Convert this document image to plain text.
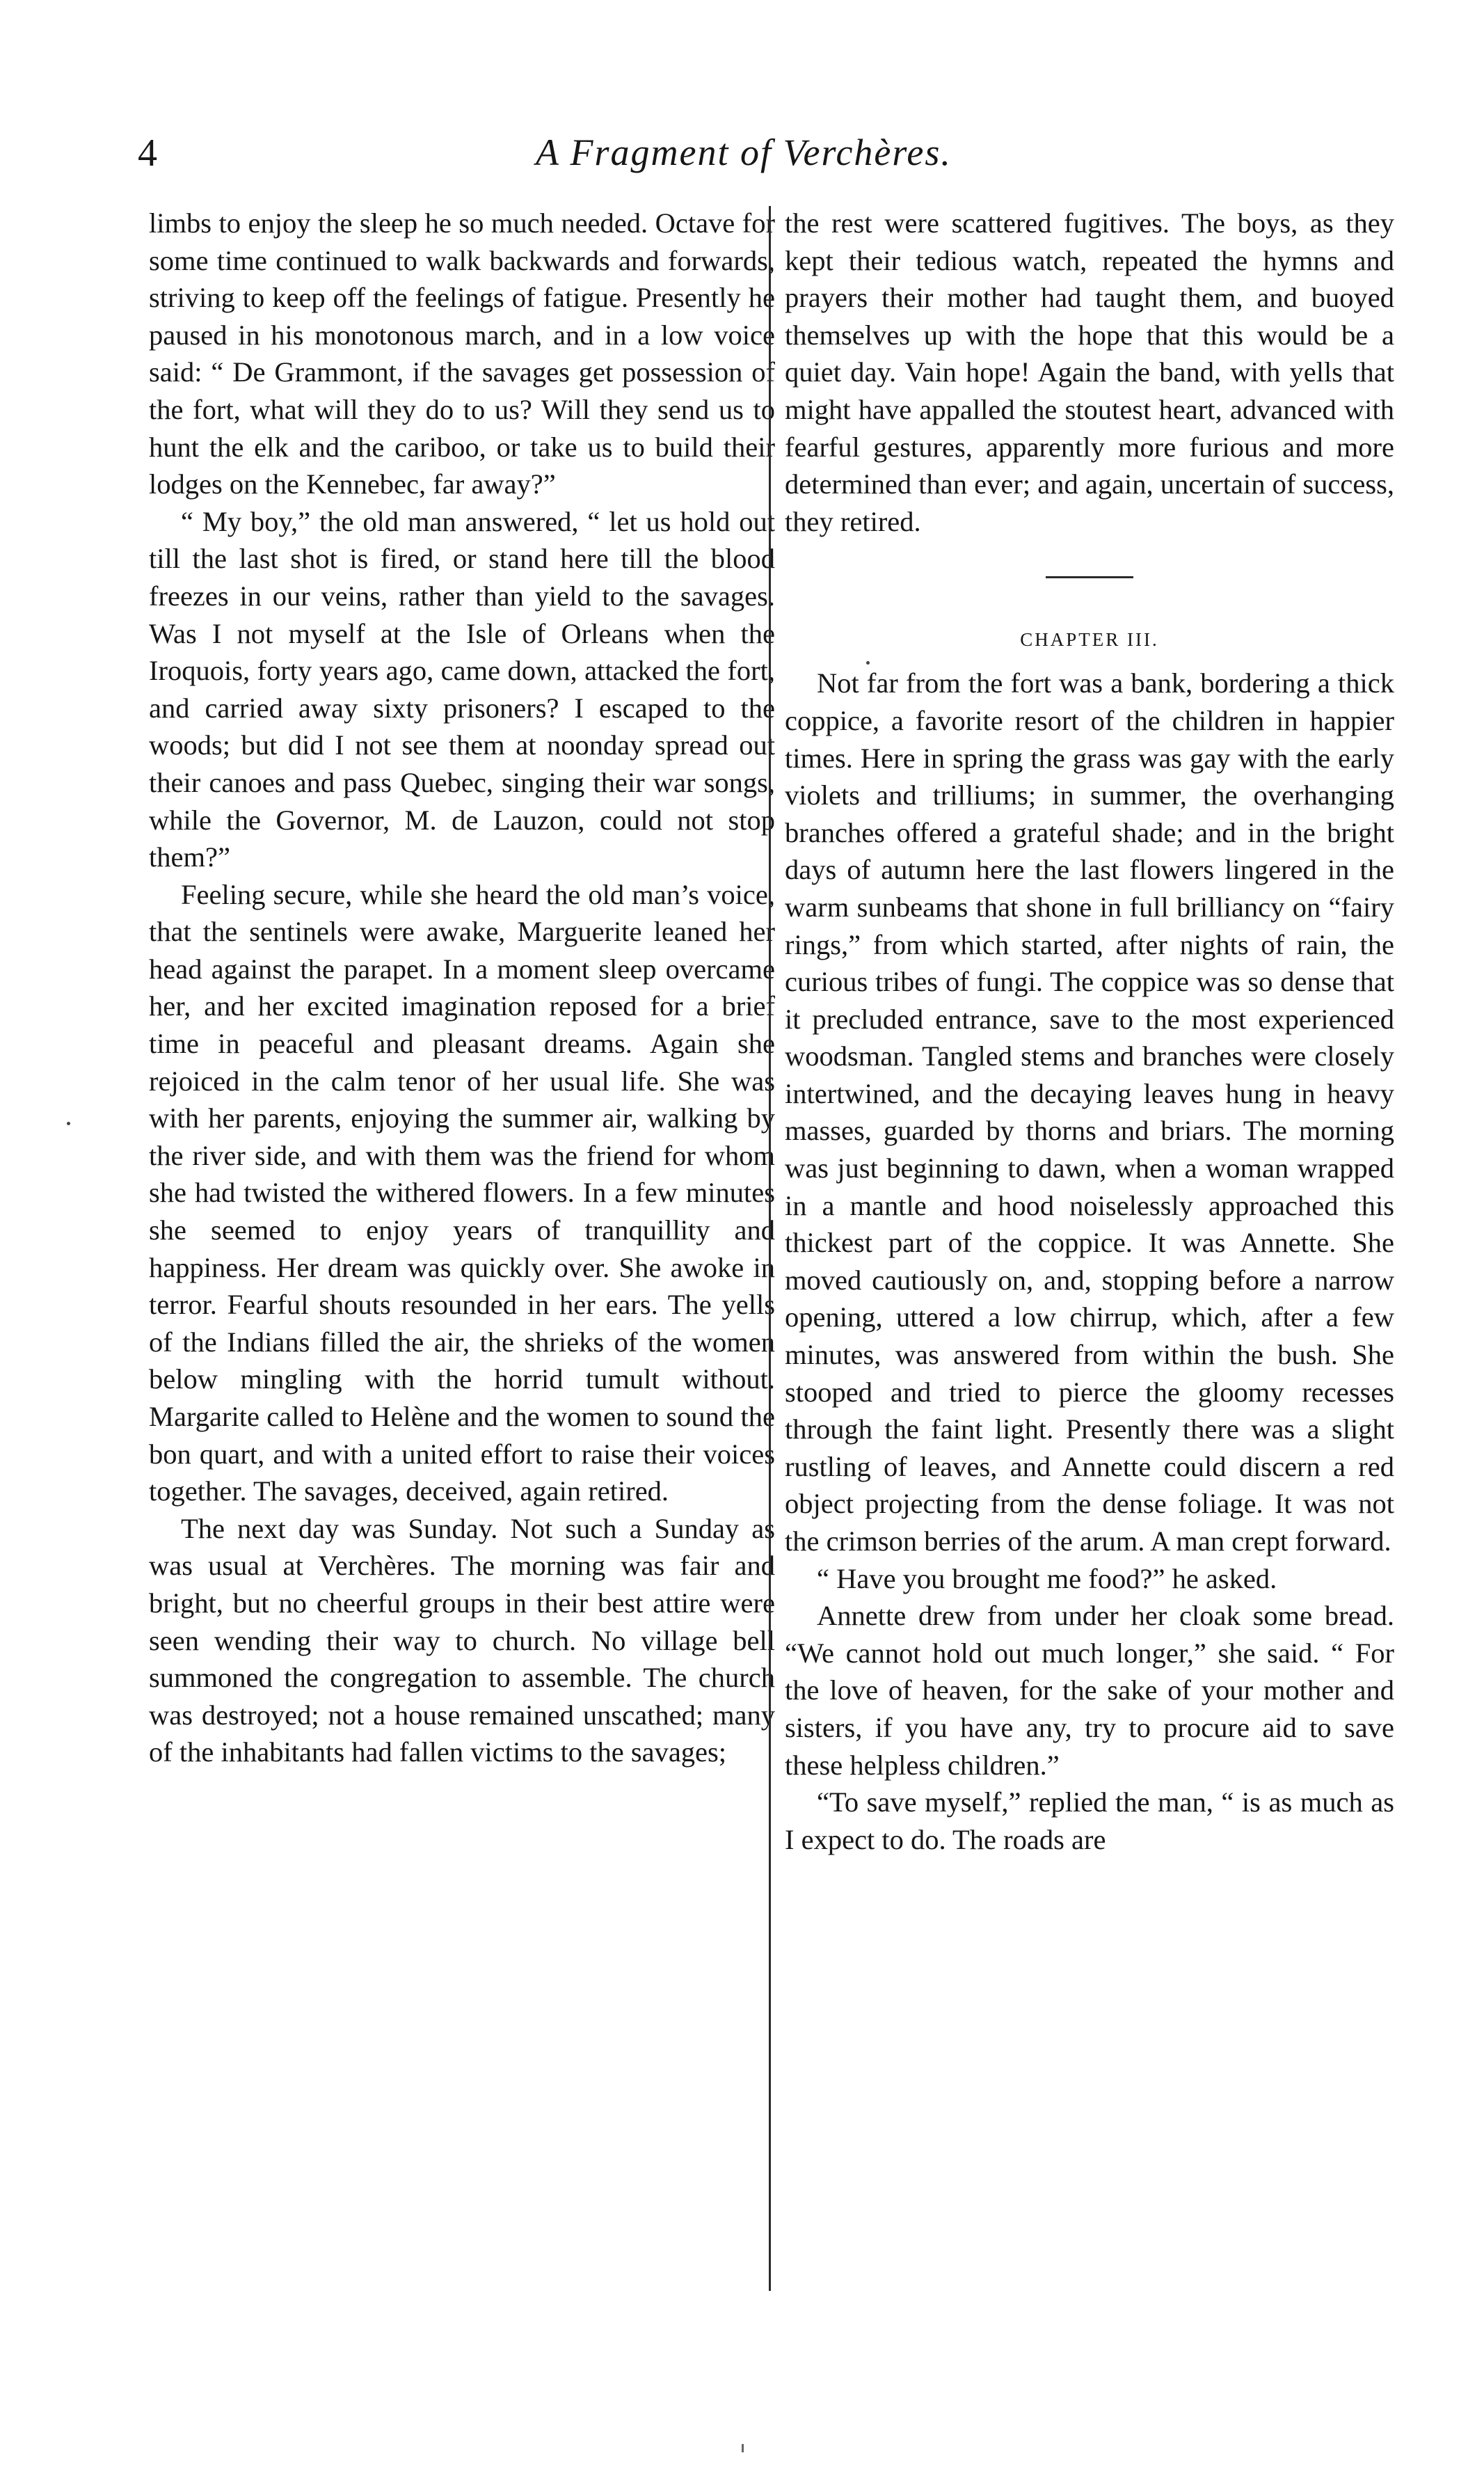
4	A Fragment of Verchères.

limbs to enjoy the sleep he so much needed. Octave for some time continued to walk backwards and forwards, striving to keep off the feelings of fatigue. Presently he paused in his monotonous march, and in a low voice said: “ De Grammont, if the savages get possession of the fort, what will they do to us? Will they send us to hunt the elk and the cariboo, or take us to build their lodges on the Kennebec, far away?”

“ My boy,” the old man answered, “ let us hold out till the last shot is fired, or stand here till the blood freezes in our veins, rather than yield to the savages. Was I not myself at the Isle of Orleans when the Iroquois, forty years ago, came down, attacked the fort, and carried away sixty prisoners? I escaped to the woods; but did I not see them at noonday spread out their canoes and pass Quebec, singing their war songs, while the Governor, M. de Lauzon, could not stop them?”

Feeling secure, while she heard the old man’s voice, that the sentinels were awake, Marguerite leaned her head against the parapet. In a moment sleep overcame her, and her excited imagination reposed for a brief time in peaceful and pleasant dreams. Again she rejoiced in the calm tenor of her usual life. She was with her parents, enjoying the summer air, walking by the river side, and with them was the friend for whom she had twisted the withered flowers. In a few minutes she seemed to enjoy years of tranquillity and happiness. Her dream was quickly over. She awoke in terror. Fearful shouts resounded in her ears. The yells of the Indians filled the air, the shrieks of the women below mingling with the horrid tumult without. Margarite called to Helène and the women to sound the bon quart, and with a united effort to raise their voices together. The savages, deceived, again retired.

The next day was Sunday. Not such a Sunday as was usual at Verchères. The morning was fair and bright, but no cheerful groups in their best attire were seen wending their way to church. No village bell summoned the congregation to assemble. The church was destroyed; not a house remained unscathed; many of the inhabitants had fallen victims to the savages;

the rest were scattered fugitives. The boys, as they kept their tedious watch, repeated the hymns and prayers their mother had taught them, and buoyed themselves up with the hope that this would be a quiet day. Vain hope! Again the band, with yells that might have appalled the stoutest heart, advanced with fearful gestures, apparently more furious and more determined than ever; and again, uncertain of success, they retired.

CHAPTER III.

Not far from the fort was a bank, bordering a thick coppice, a favorite resort of the children in happier times. Here in spring the grass was gay with the early violets and trilliums; in summer, the overhanging branches offered a grateful shade; and in the bright days of autumn here the last flowers lingered in the warm sunbeams that shone in full brilliancy on “fairy rings,” from which started, after nights of rain, the curious tribes of fungi. The coppice was so dense that it precluded entrance, save to the most experienced woodsman. Tangled stems and branches were closely intertwined, and the decaying leaves hung in heavy masses, guarded by thorns and briars. The morning was just beginning to dawn, when a woman wrapped in a mantle and hood noiselessly approached this thickest part of the coppice. It was Annette. She moved cautiously on, and, stopping before a narrow opening, uttered a low chirrup, which, after a few minutes, was answered from within the bush. She stooped and tried to pierce the gloomy recesses through the faint light. Presently there was a slight rustling of leaves, and Annette could discern a red object projecting from the dense foliage. It was not the crimson berries of the arum. A man crept forward.

“ Have you brought me food?” he asked.

Annette drew from under her cloak some bread. “We cannot hold out much longer,” she said. “ For the love of heaven, for the sake of your mother and sisters, if you have any, try to procure aid to save these helpless children.”

“To save myself,” replied the man, “ is as much as I expect to do. The roads are
